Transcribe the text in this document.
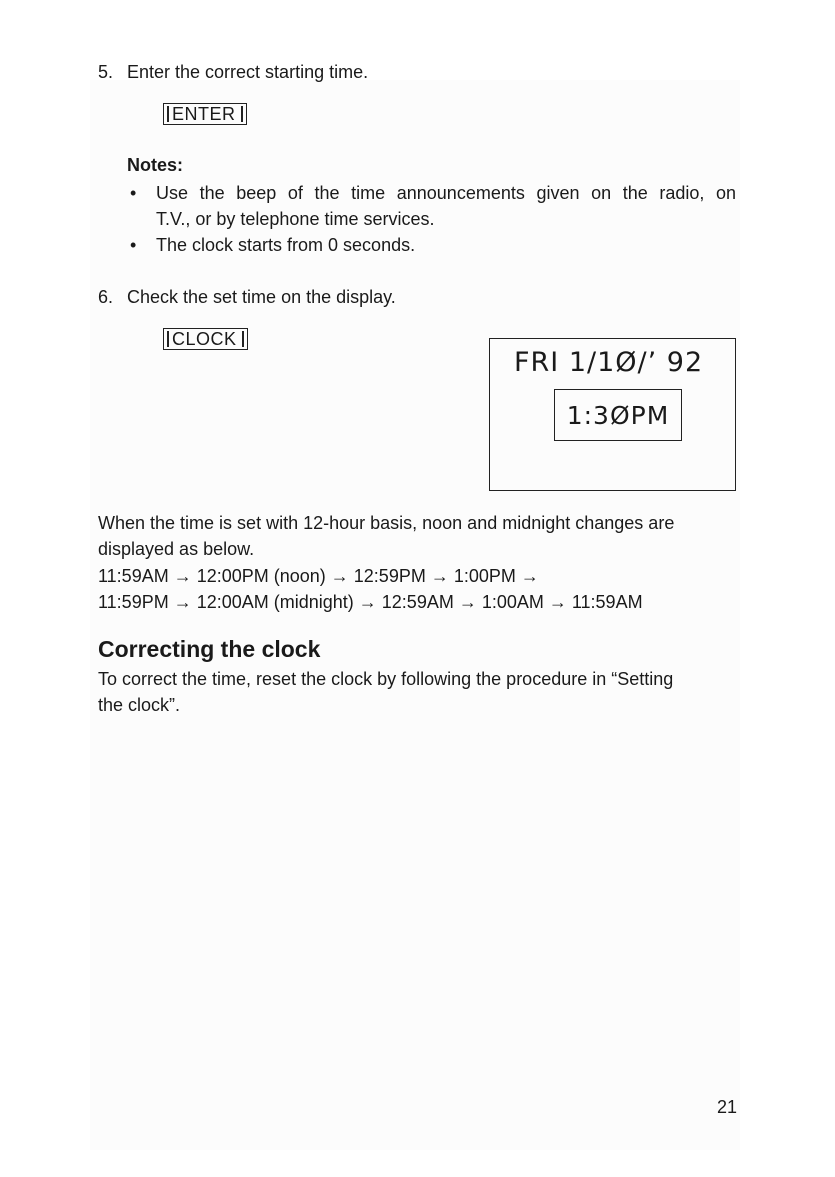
5. Enter the correct starting time.
ENTER
Notes:
• Use the beep of the time announcements given on the radio, on
T.V., or by telephone time services.
• The clock starts from 0 seconds.
6. Check the set time on the display.
CLOCK
FRI 1/1Ø/’ 92
1:3ØPM
When the time is set with 12-hour basis, noon and midnight changes are
displayed as below.
11:59AM → 12:00PM (noon) → 12:59PM → 1:00PM →
11:59PM → 12:00AM (midnight) → 12:59AM → 1:00AM → 11:59AM
Correcting the clock
To correct the time, reset the clock by following the procedure in “Setting
the clock”.
21
